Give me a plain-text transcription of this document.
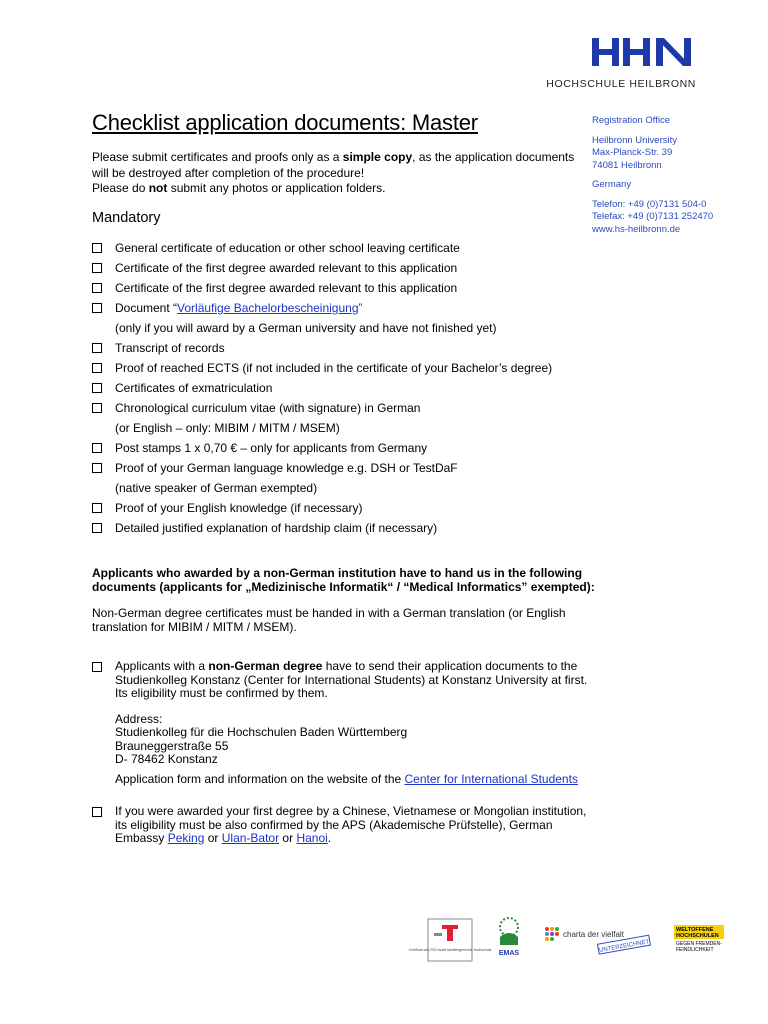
HOCHSCHULE HEILBRONN
Registration Office
Heilbronn University
Max-Planck-Str. 39
74081 Heilbronn
Germany
Telefon: +49 (0)7131 504-0
Telefax: +49 (0)7131 252470
www.hs-heilbronn.de
Checklist application documents: Master

Please submit certificates and proofs only as a simple copy, as the application documents will be destroyed after completion of the procedure!

Please do not submit any photos or application folders.

Mandatory
General certificate of education or other school leaving certificate
Certificate of the first degree awarded relevant to this application
Certificate of the first degree awarded relevant to this application
Document “Vorläufige Bachelorbescheinigung”
(only if you will award by a German university and have not finished yet)
Transcript of records
Proof of reached ECTS (if not included in the certificate of your Bachelor’s degree)
Certificates of exmatriculation
Chronological curriculum vitae (with signature) in German
(or English – only: MIBIM / MITM / MSEM)
Post stamps 1 x 0,70 € – only for applicants from Germany
Proof of your German language knowledge e.g. DSH or TestDaF
(native speaker of German exempted)
Proof of your English knowledge (if necessary)
Detailed justified explanation of hardship claim (if necessary)

Applicants who awarded by a non-German institution have to hand us in the following documents (applicants for „Medizinische Informatik“ / “Medical Informatics” exempted):

Non-German degree certificates must be handed in with a German translation (or English translation for MIBIM / MITM / MSEM).

Applicants with a non-German degree have to send their application documents to the Studienkolleg Konstanz (Center for International Students) at Konstanz University at first. Its eligibility must be confirmed by them.

Address:

Studienkolleg für die Hochschulen Baden Württemberg

Brauneggerstraße 55

D- 78462 Konstanz

Application form and information on the website of the Center for International Students

If you were awarded your first degree by a Chinese, Vietnamese or Mongolian institution, its eligibility must be also confirmed by the APS (Akademische Prüfstelle), German Embassy Peking or Ulan-Bator or Hanoi.

Certificat seit 2010 audit familiengerechte hochschule EMAS
charta der vielfalt
UNTERZEICHNET
WELTOFFENE
HOCHSCHULEN
GEGEN FREMDEN-
FEINDLICHKEIT
